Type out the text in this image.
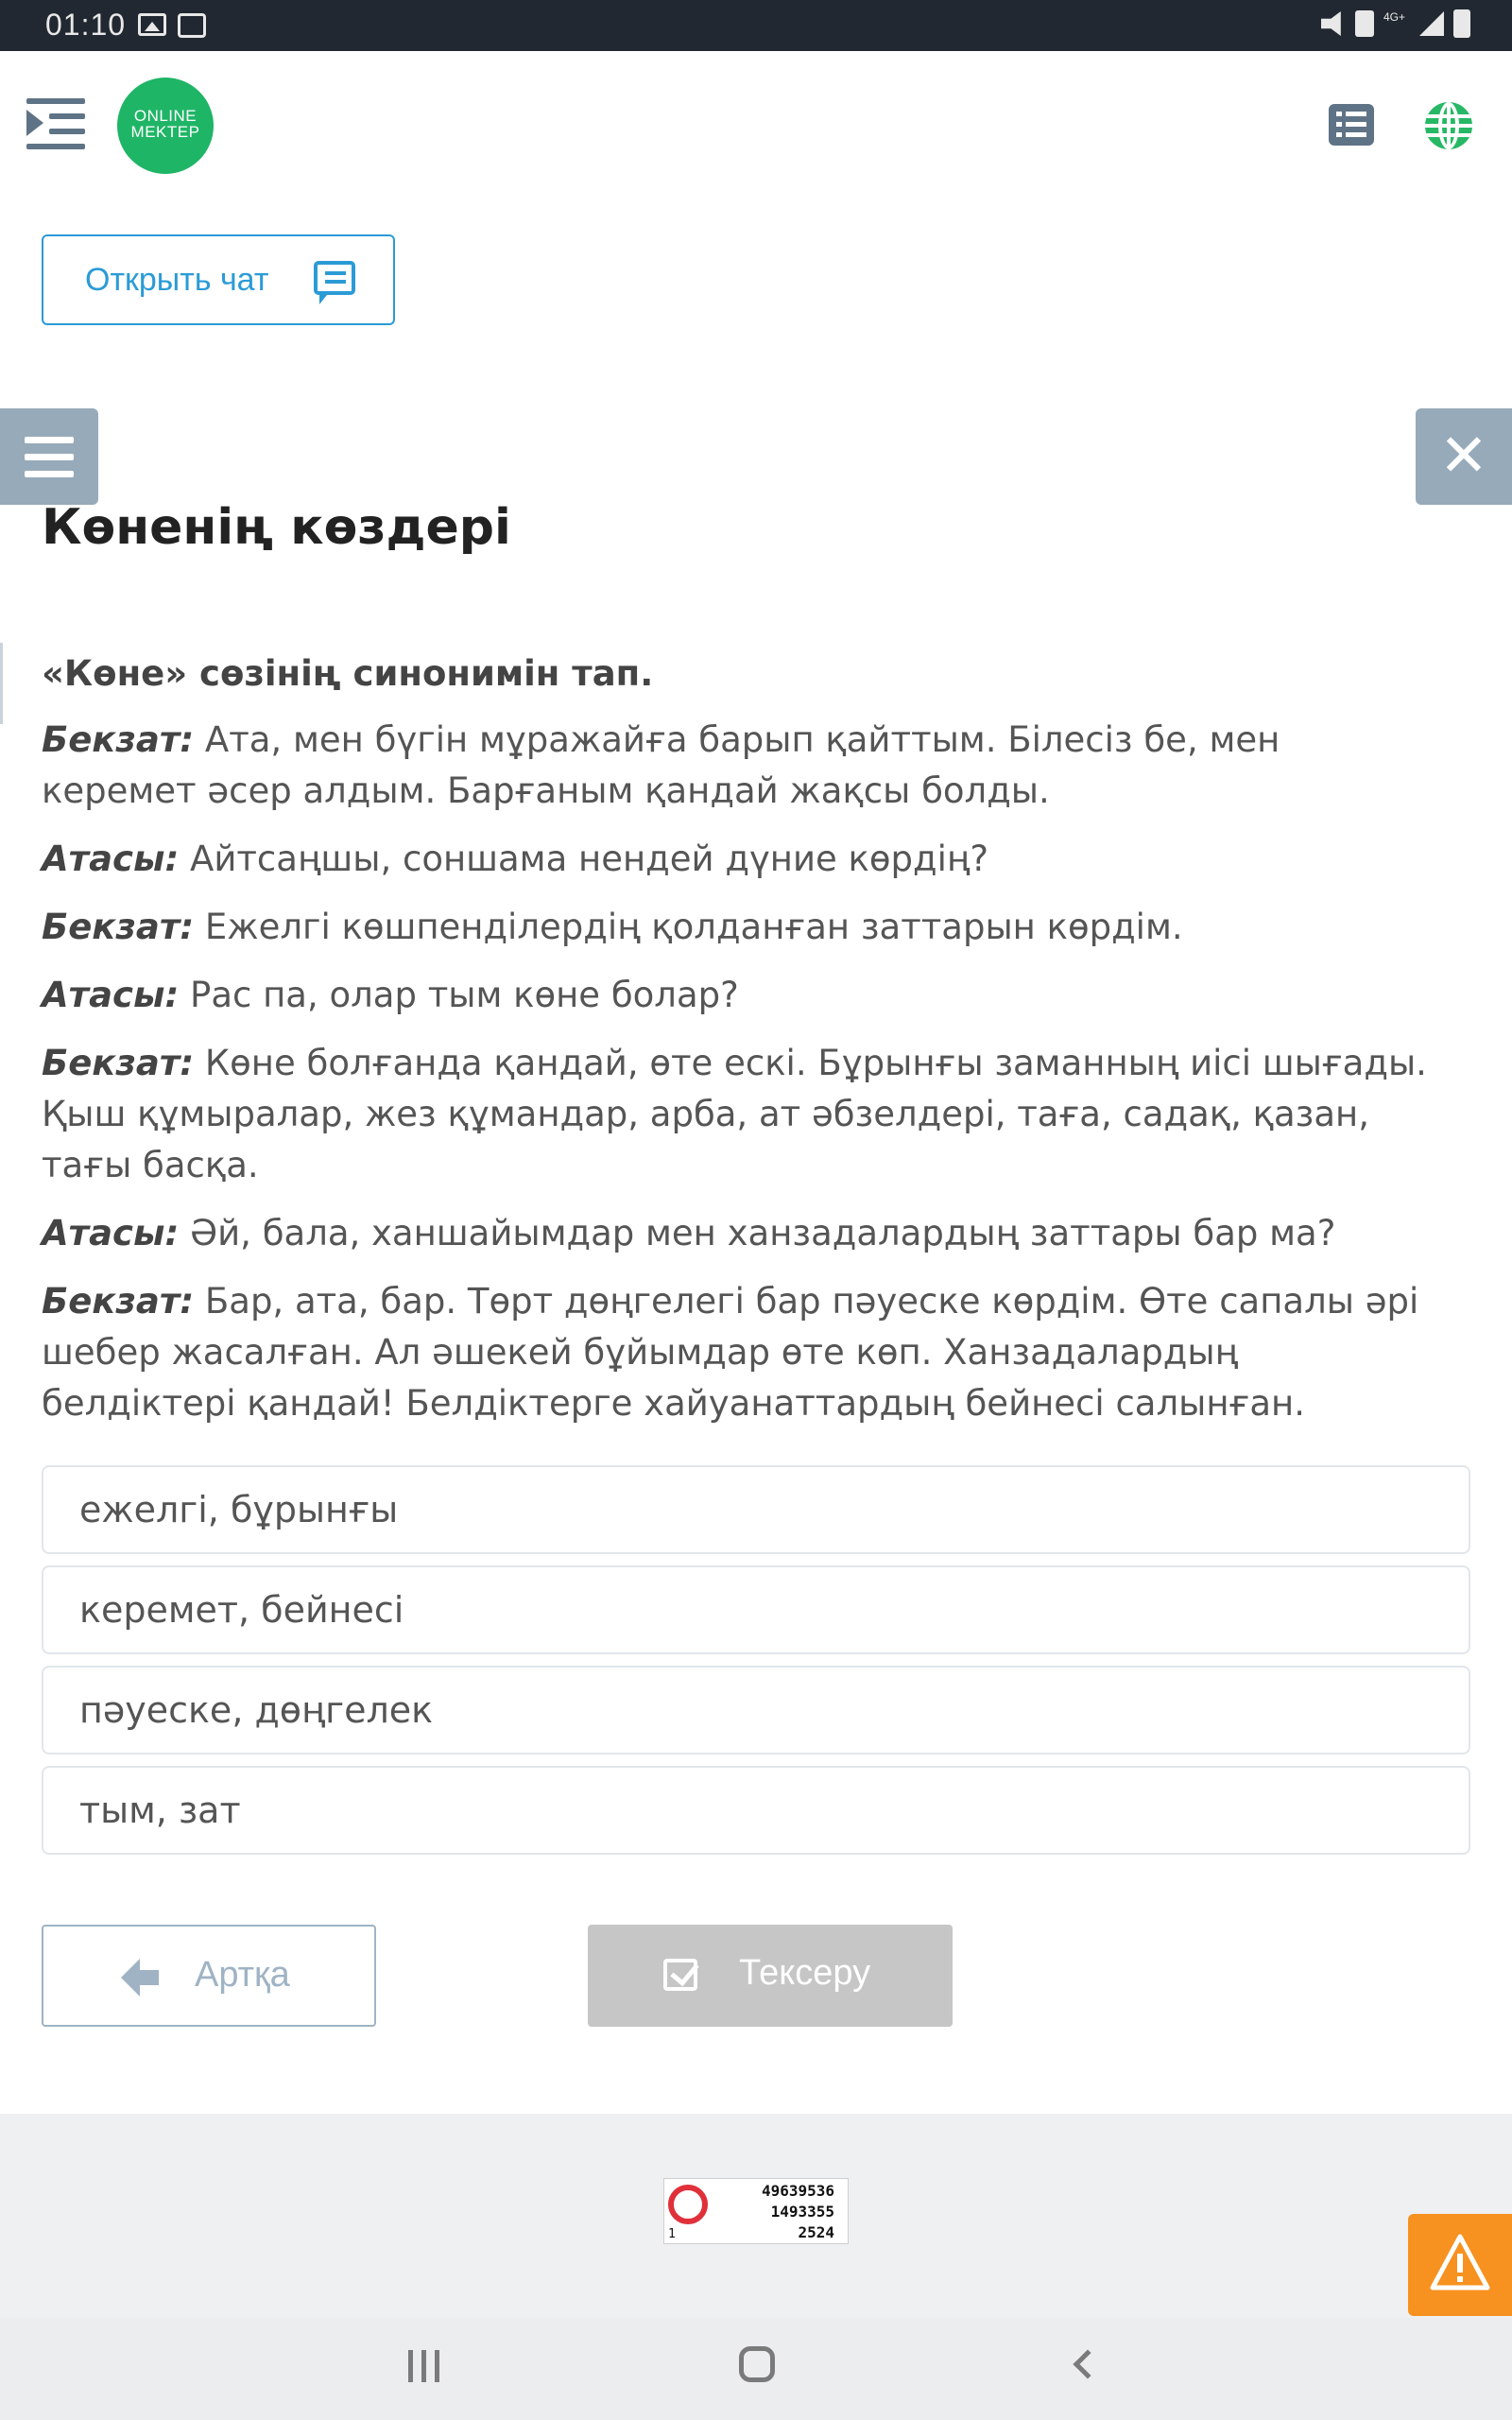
01:10	4G+
ONLINE
MEKTEP
Открыть чат
✕
Көненің көздері
«Көне» сөзінің синонимін тап.

Бекзат: Ата, мен бүгін мұражайға барып қайттым. Білесіз бе, мен керемет әсер алдым. Барғаным қандай жақсы болды.

Атасы: Айтсаңшы, соншама нендей дүние көрдің?

Бекзат: Ежелгі көшпенділердің қолданған заттарын көрдім.

Атасы: Рас па, олар тым көне болар?

Бекзат: Көне болғанда қандай, өте ескі. Бұрынғы заманның иісі шығады. Қыш құмыралар, жез құмандар, арба, ат әбзелдері, таға, садақ, қазан, тағы басқа.

Атасы: Әй, бала, ханшайымдар мен ханзадалардың заттары бар ма?

Бекзат: Бар, ата, бар. Төрт дөңгелегі бар пәуеске көрдім. Өте сапалы әрі шебер жасалған. Ал әшекей бұйымдар өте көп. Ханзадалардың белдіктері қандай! Белдіктерге хайуанаттардың бейнесі салынған.

ежелгі, бұрынғы
керемет, бейнесі
пәуеске, дөңгелек
тым, зат
Артқа	Тексеру
1
49639536
1493355
2524
